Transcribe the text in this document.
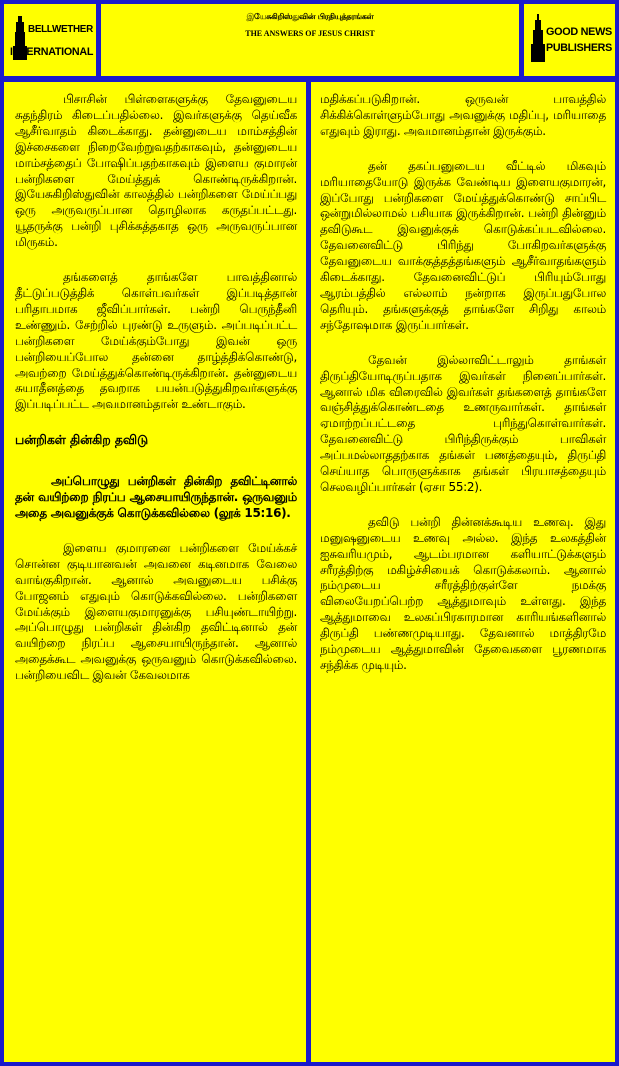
BELLWETHER
INTERNATIONAL
இயேசுகிறிஸ்துவின் பிரதியுத்தரங்கள்
THE ANSWERS OF JESUS CHRIST	GOOD NEWS
PUBLISHERS

பிசாசின் பிள்ளைகளுக்கு தேவனுடைய சுதந்திரம் கிடைப்பதில்லை. இவர்களுக்கு தெய்வீக ஆசீர்வாதம் கிடைக்காது. தன்னுடைய மாம்சத்தின் இச்சைகளை நிறைவேற்றுவதற்காகவும், தன்னுடைய மாம்சத்தைப் போஷிப்பதற்காகவும் இளைய குமாரன் பன்றிகளை மேய்த்துக் கொண்டிருக்கிறான். இயேசுகிறிஸ்துவின் காலத்தில் பன்றிகளை மேய்ப்பது ஒரு அருவருப்பான தொழிலாக கருதப்பட்டது. யூதருக்கு பன்றி புசிக்கத்தகாத ஒரு அருவருப்பான மிருகம்.

தங்களைத் தாங்களே பாவத்தினால் தீட்டுப்படுத்திக் கொள்பவர்கள் இப்படித்தான் பரிதாபமாக ஜீவிப்பார்கள். பன்றி பெருந்தீனி உண்ணும். சேற்றில் புரண்டு உருளும். அப்படிப்பட்ட பன்றிகளை மேய்க்கும்போது இவன் ஒரு பன்றியைப்போல தன்னை தாழ்த்திக்கொண்டு, அவற்றை மேய்த்துக்கொண்டிருக்கிறான். தன்னுடைய சுயாதீனத்தை தவறாக பயன்படுத்துகிறவர்களுக்கு இப்படிப்பட்ட அவமானம்தான் உண்டாகும்.

பன்றிகள் தின்கிற தவிடு

அப்பொழுது பன்றிகள் தின்கிற தவிட்டினால் தன் வயிற்றை நிரப்ப ஆசையாயிருந்தான். ஒருவனும் அதை அவனுக்குக் கொடுக்கவில்லை (லூக் 15:16).

இளைய குமாரனை பன்றிகளை மேய்க்கச் சொன்ன குடியானவன் அவனை கடினமாக வேலை வாங்குகிறான். ஆனால் அவனுடைய பசிக்கு போஜனம் எதுவும் கொடுக்கவில்லை. பன்றிகளை மேய்க்கும் இளையகுமாரனுக்கு பசியுண்டாயிற்று. அப்பொழுது பன்றிகள் தின்கிற தவிட்டினால் தன் வயிற்றை நிரப்ப ஆசையாயிருந்தான். ஆனால் அதைக்கூட அவனுக்கு ஒருவனும் கொடுக்கவில்லை. பன்றியைவிட இவன் கேவலமாக

மதிக்கப்படுகிறான். ஒருவன் பாவத்தில் சிக்கிக்கொள்ளும்போது அவனுக்கு மதிப்பு, மரியாதை எதுவும் இராது. அவமானம்தான் இருக்கும்.

தன் தகப்பனுடைய வீட்டில் மிகவும் மரியாதையோடு இருக்க வேண்டிய இளையகுமாரன், இப்போது பன்றிகளை மேய்த்துக்கொண்டு சாப்பிட ஒன்றுமில்லாமல் பசியாக இருக்கிறான். பன்றி தின்னும் தவிடுகூட இவனுக்குக் கொடுக்கப்படவில்லை. தேவனைவிட்டு பிரிந்து போகிறவர்களுக்கு தேவனுடைய வாக்குத்தத்தங்களும் ஆசீர்வாதங்களும் கிடைக்காது. தேவனைவிட்டுப் பிரியும்போது ஆரம்பத்தில் எல்லாம் நன்றாக இருப்பதுபோல தெரியும். தங்களுக்குத் தாங்களே சிறிது காலம் சந்தோஷமாக இருப்பார்கள்.

தேவன் இல்லாவிட்டாலும் தாங்கள் திருப்தியோடிருப்பதாக இவர்கள் நினைப்பார்கள். ஆனால் மிக விரைவில் இவர்கள் தங்களைத் தாங்களே வஞ்சித்துக்கொண்டதை உணருவார்கள். தாங்கள் ஏமாற்றப்பட்டதை புரிந்துகொள்வார்கள். தேவனைவிட்டு பிரிந்திருக்கும் பாவிகள் அப்பமல்லாததற்காக தங்கள் பணத்தையும், திருப்தி செய்யாத பொருளுக்காக தங்கள் பிரயாசத்தையும் செலவழிப்பார்கள் (ஏசா 55:2).

தவிடு பன்றி தின்னக்கூடிய உணவு. இது மனுஷனுடைய உணவு அல்ல. இந்த உலகத்தின் ஐசுவரியமும், ஆடம்பரமான களியாட்டுக்களும் சரீரத்திற்கு மகிழ்ச்சியைக் கொடுக்கலாம். ஆனால் நம்முடைய சரீரத்திற்குள்ளே நமக்கு விலையேறப்பெற்ற ஆத்துமாவும் உள்ளது. இந்த ஆத்துமாவை உலகப்பிரகாரமான காரியங்களினால் திருப்தி பண்ணமுடியாது. தேவனால் மாத்திரமே நம்முடைய ஆத்துமாவின் தேவைகளை பூரணமாக சந்திக்க முடியும்.
